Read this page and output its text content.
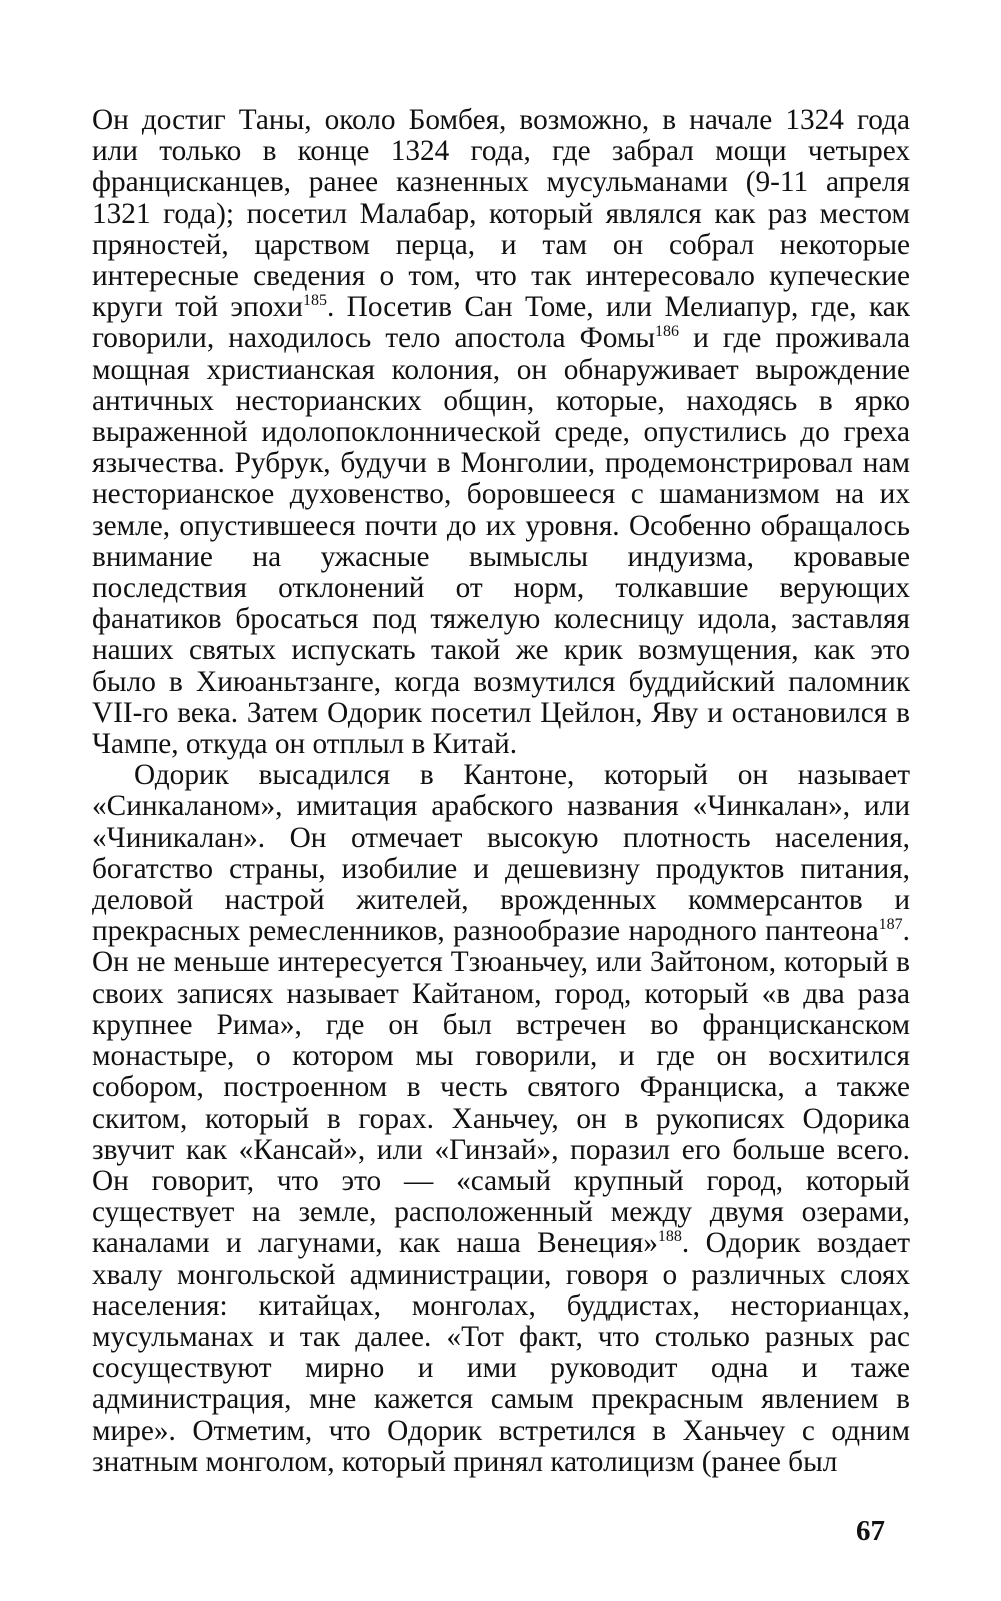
Он достиг Таны, около Бомбея, возможно, в начале 1324 года или только в конце 1324 года, где забрал мощи четырех францисканцев, ранее казненных мусульманами (9-11 апреля 1321 года); посетил Малабар, который являлся как раз местом пряностей, царством перца, и там он собрал некоторые интересные сведения о том, что так интересовало купеческие круги той эпохи$^{185}$. Посетив Сан Томе, или Мелиапур, где, как говорили, находилось тело апостола Фомы$^{186}$ и где проживала мощная христианская колония, он обнаруживает вырождение античных несторианских общин, которые, находясь в ярко выраженной идолопоклоннической среде, опустились до греха язычества. Рубрук, будучи в Монголии, продемонстрировал нам несторианское духовенство, боровшееся с шаманизмом на их земле, опустившееся почти до их уровня. Особенно обращалось внимание на ужасные вымыслы индуизма, кровавые последствия отклонений от норм, толкавшие верующих фанатиков бросаться под тяжелую колесницу идола, заставляя наших святых испускать такой же крик возмущения, как это было в Хиюаньтзанге, когда возмутился буддийский паломник VII-го века. Затем Одорик посетил Цейлон, Яву и остановился в Чампе, откуда он отплыл в Китай.

Одорик высадился в Кантоне, который он называет «Синкаланом», имитация арабского названия «Чинкалан», или «Чиникалан». Он отмечает высокую плотность населения, богатство страны, изобилие и дешевизну продуктов питания, деловой настрой жителей, врожденных коммерсантов и прекрасных ремесленников, разнообразие народного пантеона$^{187}$. Он не меньше интересуется Тзюаньчеу, или Зайтоном, который в своих записях называет Кайтаном, город, который «в два раза крупнее Рима», где он был встречен во францисканском монастыре, о котором мы говорили, и где он восхитился собором, построенном в честь святого Франциска, а также скитом, который в горах. Ханьчеу, он в рукописях Одорика звучит как «Кансай», или «Гинзай», поразил его больше всего. Он говорит, что это — «самый крупный город, который существует на земле, расположенный между двумя озерами, каналами и лагунами, как наша Венеция»$^{188}$. Одорик воздает хвалу монгольской администрации, говоря о различных слоях населения: китайцах, монголах, буддистах, несторианцах, мусульманах и так далее. «Тот факт, что столько разных рас сосуществуют мирно и ими руководит одна и таже администрация, мне кажется самым прекрасным явлением в мире». Отметим, что Одорик встретился в Ханьчеу с одним знатным монголом, который принял католицизм (ранее был

67
